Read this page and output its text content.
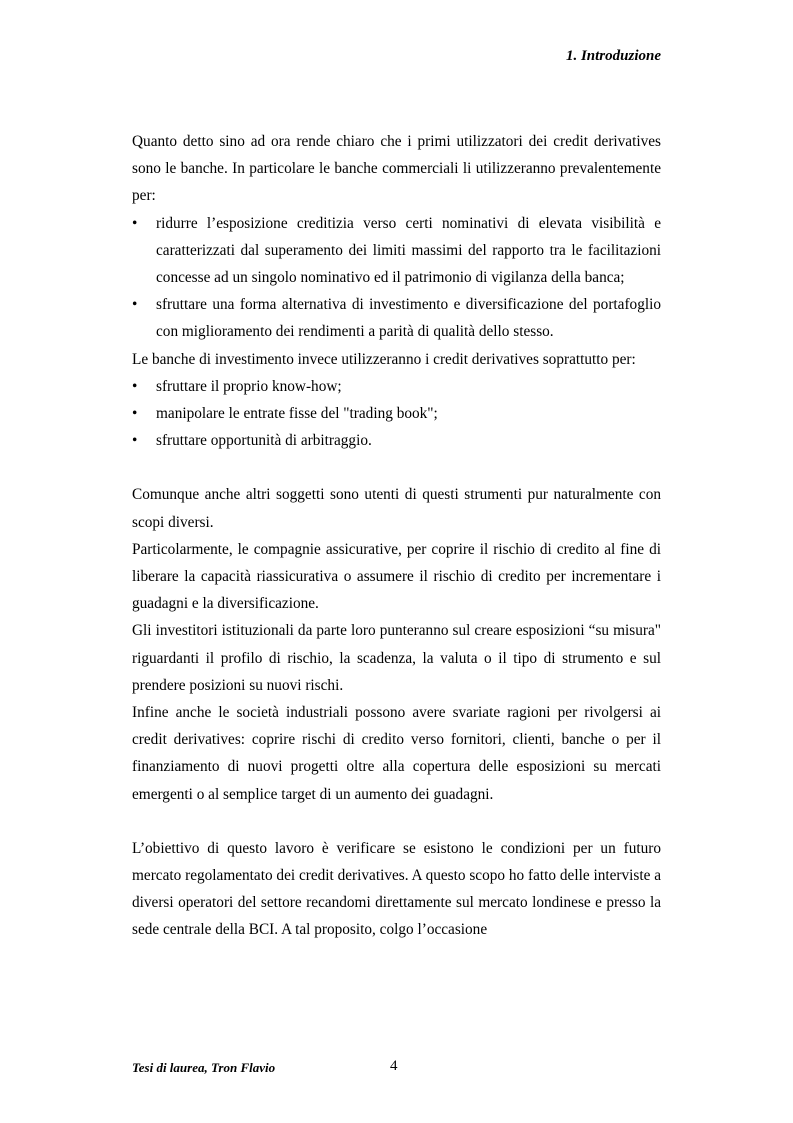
1. Introduzione

Quanto detto sino ad ora rende chiaro che i primi utilizzatori dei credit derivatives sono le banche. In particolare le banche commerciali li utilizzeranno prevalentemente per:

• ridurre l’esposizione creditizia verso certi nominativi di elevata visibilità e caratterizzati dal superamento dei limiti massimi del rapporto tra le facilitazioni concesse ad un singolo nominativo ed il patrimonio di vigilanza della banca;
• sfruttare una forma alternativa di investimento e diversificazione del portafoglio con miglioramento dei rendimenti a parità di qualità dello stesso.

Le banche di investimento invece utilizzeranno i credit derivatives soprattutto per:

• sfruttare il proprio know-how;
• manipolare le entrate fisse del "trading book";
• sfruttare opportunità di arbitraggio.

Comunque anche altri soggetti sono utenti di questi strumenti pur naturalmente con scopi diversi.

Particolarmente, le compagnie assicurative, per coprire il rischio di credito al fine di liberare la capacità riassicurativa o assumere il rischio di credito per incrementare i guadagni e la diversificazione.

Gli investitori istituzionali da parte loro punteranno sul creare esposizioni “su misura" riguardanti il profilo di rischio, la scadenza, la valuta o il tipo di strumento e sul prendere posizioni su nuovi rischi.

Infine anche le società industriali possono avere svariate ragioni per rivolgersi ai credit derivatives: coprire rischi di credito verso fornitori, clienti, banche o per il finanziamento di nuovi progetti oltre alla copertura delle esposizioni su mercati emergenti o al semplice target di un aumento dei guadagni.

L’obiettivo di questo lavoro è verificare se esistono le condizioni per un futuro mercato regolamentato dei credit derivatives. A questo scopo ho fatto delle interviste a diversi operatori del settore recandomi direttamente sul mercato londinese e presso la sede centrale della BCI. A tal proposito, colgo l’occasione

Tesi di laurea, Tron Flavio	4
